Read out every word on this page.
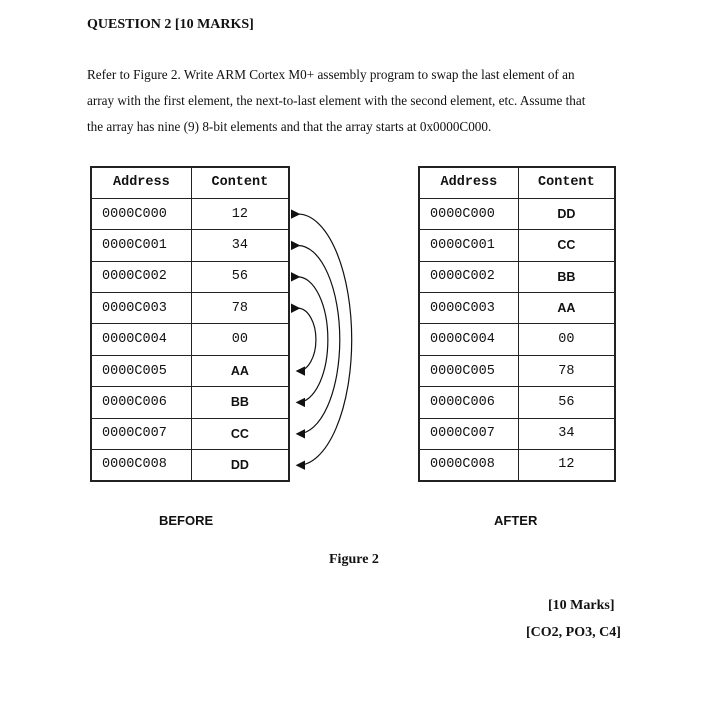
QUESTION 2 [10 MARKS]
Refer to Figure 2. Write ARM Cortex M0+ assembly program to swap the last element of an
array with the first element, the next-to-last element with the second element, etc. Assume that
the array has nine (9) 8-bit elements and that the array starts at 0x0000C000.
Address	Content
0000C000	12
0000C001	34
0000C002	56
0000C003	78
0000C004	00
0000C005	AA
0000C006	BB
0000C007	CC
0000C008	DD
Address	Content
0000C000	DD
0000C001	CC
0000C002	BB
0000C003	AA
0000C004	00
0000C005	78
0000C006	56
0000C007	34
0000C008	12
BEFORE	AFTER
Figure 2
[10 Marks]
[CO2, PO3, C4]
